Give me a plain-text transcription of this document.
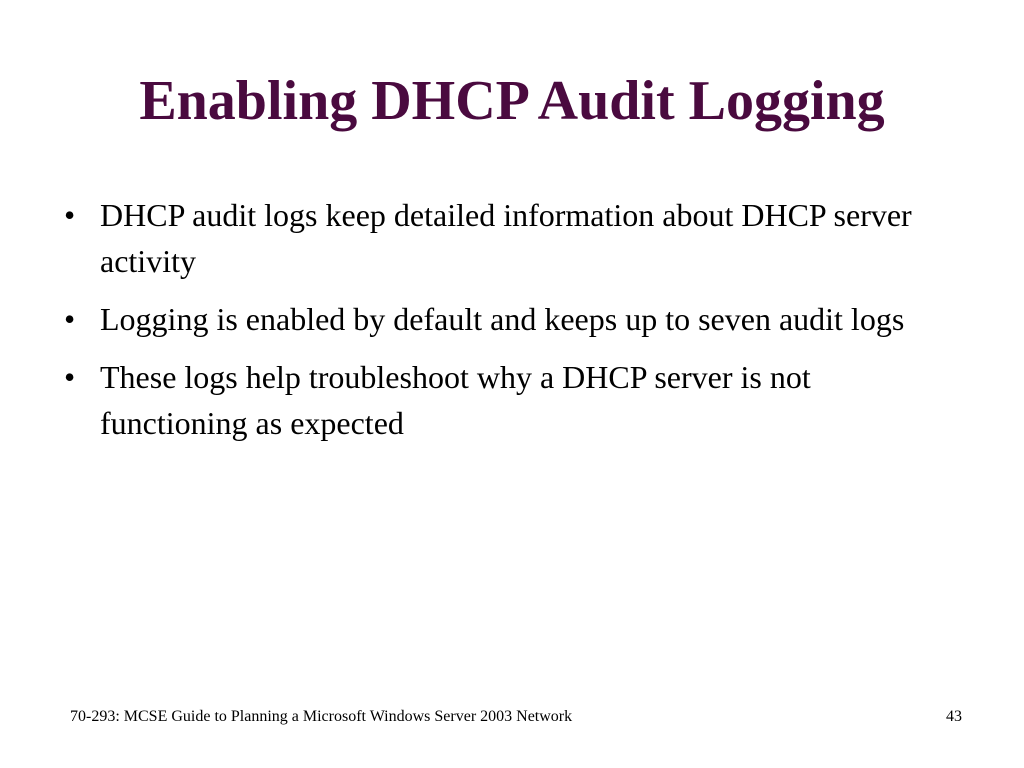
Enabling DHCP Audit Logging
• DHCP audit logs keep detailed information about DHCP server activity
• Logging is enabled by default and keeps up to seven audit logs
• These logs help troubleshoot why a DHCP server is not functioning as expected
70-293: MCSE Guide to Planning a Microsoft Windows Server 2003 Network	43
